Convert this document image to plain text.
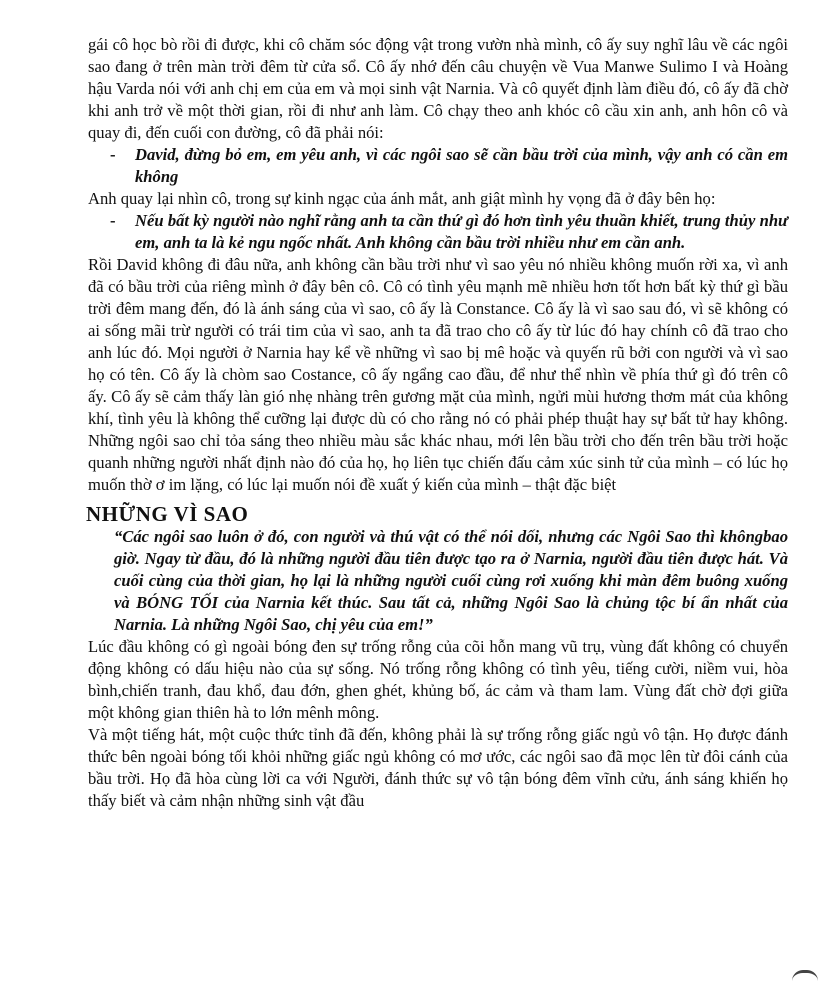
gái cô học bò rồi đi được, khi cô chăm sóc động vật trong vườn nhà mình, cô ấy suy nghĩ lâu về các ngôi sao đang ở trên màn trời đêm từ cửa sổ. Cô ấy nhớ đến câu chuyện về Vua Manwe Sulimo I và Hoàng hậu Varda nói với anh chị em của em và mọi sinh vật Narnia. Và cô quyết định làm điều đó, cô ấy đã chờ khi anh trở về một thời gian, rồi đi như anh làm. Cô chạy theo anh khóc cô cầu xin anh, anh hôn cô và quay đi, đến cuối con đường, cô đã phải nói:

-	David, đừng bỏ em, em yêu anh, vì các ngôi sao sẽ cần bầu trời của mình, vậy anh có cần em không

Anh quay lại nhìn cô, trong sự kinh ngạc của ánh mắt, anh giật mình hy vọng đã ở đây bên họ:

-	Nếu bất kỳ người nào nghĩ rằng anh ta cần thứ gì đó hơn tình yêu thuần khiết, trung thủy như em, anh ta là kẻ ngu ngốc nhất. Anh không cần bầu trời nhiều như em cần anh.

Rồi David không đi đâu nữa, anh không cần bầu trời như vì sao yêu nó nhiều không muốn rời xa, vì anh đã có bầu trời của riêng mình ở đây bên cô. Cô có tình yêu mạnh mẽ nhiều hơn tốt hơn bất kỳ thứ gì bầu trời đêm mang đến, đó là ánh sáng của vì sao, cô ấy là Constance. Cô ấy là vì sao sau đó, vì sẽ không có ai sống mãi trừ người có trái tim của vì sao, anh ta đã trao cho cô ấy từ lúc đó hay chính cô đã trao cho anh lúc đó. Mọi người ở Narnia hay kể về những vì sao bị mê hoặc và quyến rũ bởi con người và vì sao họ có tên. Cô ấy là chòm sao Costance, cô ấy ngẩng cao đầu, để như thể nhìn về phía thứ gì đó trên cô ấy. Cô ấy sẽ cảm thấy làn gió nhẹ nhàng trên gương mặt của mình, ngửi mùi hương thơm mát của không khí, tình yêu là không thể cưỡng lại được dù có cho rằng nó có phải phép thuật hay sự bất tử hay không. Những ngôi sao chỉ tỏa sáng theo nhiều màu sắc khác nhau, mới lên bầu trời cho đến trên bầu trời hoặc quanh những người nhất định nào đó của họ, họ liên tục chiến đấu cảm xúc sinh tử của mình – có lúc họ muốn thờ ơ im lặng, có lúc lại muốn nói đề xuất ý kiến của mình – thật đặc biệt

NHỮNG VÌ SAO

“Các ngôi sao luôn ở đó, con người và thú vật có thể nói dối, nhưng các Ngôi Sao thì khôngbao giờ. Ngay từ đầu, đó là những người đầu tiên được tạo ra ở Narnia, người đầu tiên được hát. Và cuối cùng của thời gian, họ lại là những người cuối cùng rơi xuống khi màn đêm buông xuống và BÓNG TỐI của Narnia kết thúc. Sau tất cả, những Ngôi Sao là chủng tộc bí ẩn nhất của Narnia. Là những Ngôi Sao, chị yêu của em!”

Lúc đầu không có gì ngoài bóng đen sự trống rỗng của cõi hỗn mang vũ trụ, vùng đất không có chuyển động không có dấu hiệu nào của sự sống. Nó trống rỗng không có tình yêu, tiếng cười, niềm vui, hòa bình,chiến tranh, đau khổ, đau đớn, ghen ghét, khủng bố, ác cảm và tham lam. Vùng đất chờ đợi giữa một không gian thiên hà to lớn mênh mông.

Và một tiếng hát, một cuộc thức tỉnh đã đến, không phải là sự trống rỗng giấc ngủ vô tận. Họ được đánh thức bên ngoài bóng tối khỏi những giấc ngủ không có mơ ước, các ngôi sao đã mọc lên từ đôi cánh của bầu trời. Họ đã hòa cùng lời ca với Người, đánh thức sự vô tận bóng đêm vĩnh cửu, ánh sáng khiến họ thấy biết và cảm nhận những sinh vật đầu
